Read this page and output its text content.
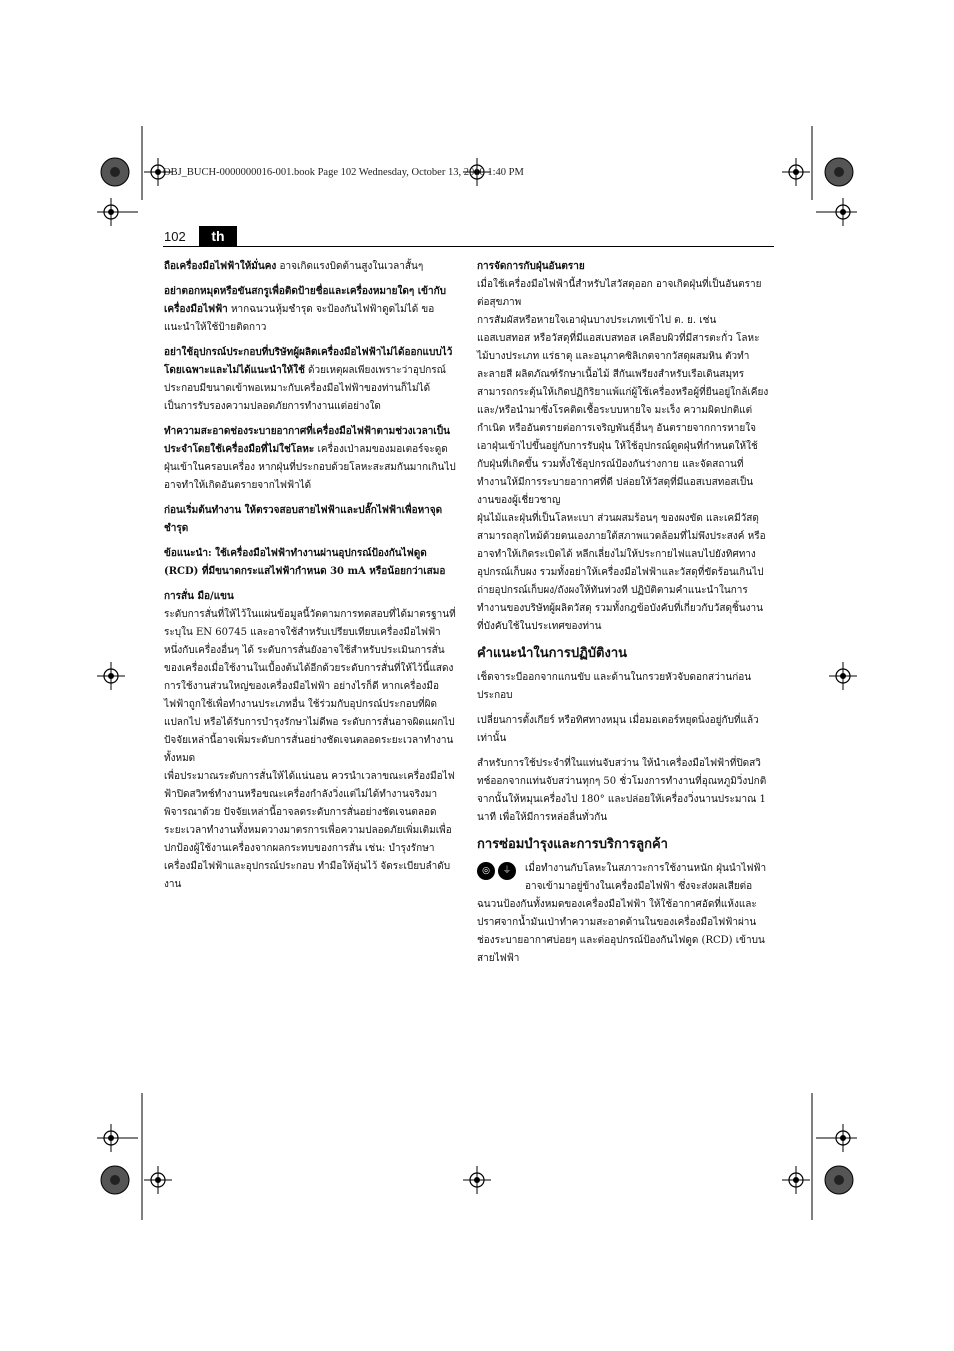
OBJ_BUCH-0000000016-001.book Page 102 Wednesday, October 13, 2010 1:40 PM
102	th

ถือเครื่องมือไฟฟ้าให้มั่นคง อาจเกิดแรงบิดต้านสูงในเวลาสั้นๆ

อย่าตอกหมุดหรือขันสกรูเพื่อติดป้ายชื่อและเครื่องหมายใดๆ เข้ากับเครื่องมือไฟฟ้า หากฉนวนหุ้มชำรุด จะป้องกันไฟฟ้าดูดไม่ได้ ขอแนะนำให้ใช้ป้ายติดกาว

อย่าใช้อุปกรณ์ประกอบที่บริษัทผู้ผลิตเครื่องมือไฟฟ้าไม่ได้ออกแบบไว้โดยเฉพาะและไม่ได้แนะนำให้ใช้ ด้วยเหตุผลเพียงเพราะว่าอุปกรณ์ประกอบมีขนาดเข้าพอเหมาะกับเครื่องมือไฟฟ้าของท่านก็ไม่ได้เป็นการรับรองความปลอดภัยการทำงานแต่อย่างใด

ทำความสะอาดช่องระบายอากาศที่เครื่องมือไฟฟ้าตามช่วงเวลาเป็นประจำโดยใช้เครื่องมือที่ไม่ใช่โลหะ เครื่องเป่าลมของมอเตอร์จะดูดฝุ่นเข้าในครอบเครื่อง หากฝุ่นที่ประกอบด้วยโลหะสะสมกันมากเกินไป อาจทำให้เกิดอันตรายจากไฟฟ้าได้

ก่อนเริ่มต้นทำงาน ให้ตรวจสอบสายไฟฟ้าและปลั๊กไฟฟ้าเพื่อหาจุดชำรุด

ข้อแนะนำ: ใช้เครื่องมือไฟฟ้าทำงานผ่านอุปกรณ์ป้องกันไฟดูด (RCD) ที่มีขนาดกระแสไฟฟ้ากำหนด 30 mA หรือน้อยกว่าเสมอ

การสั่น มือ/แขน

ระดับการสั่นที่ให้ไว้ในแผ่นข้อมูลนี้วัดตามการทดสอบที่ได้มาตรฐานที่ระบุใน EN 60745 และอาจใช้สำหรับเปรียบเทียบเครื่องมือไฟฟ้าหนึ่งกับเครื่องอื่นๆ ได้ ระดับการสั่นยังอาจใช้สำหรับประเมินการสั่นของเครื่องเมื่อใช้งานในเบื้องต้นได้อีกด้วยระดับการสั่นที่ให้ไว้นี้แสดงการใช้งานส่วนใหญ่ของเครื่องมือไฟฟ้า อย่างไรก็ดี หากเครื่องมือไฟฟ้าถูกใช้เพื่อทำงานประเภทอื่น ใช้ร่วมกับอุปกรณ์ประกอบที่ผิดแปลกไป หรือได้รับการบำรุงรักษาไม่ดีพอ ระดับการสั่นอาจผิดแผกไป ปัจจัยเหล่านี้อาจเพิ่มระดับการสั่นอย่างชัดเจนตลอดระยะเวลาทำงานทั้งหมด

เพื่อประมาณระดับการสั่นให้ได้แน่นอน ควรนำเวลาขณะเครื่องมือไฟฟ้าปิดสวิทช์ทำงานหรือขณะเครื่องกำลังวิ่งแต่ไม่ได้ทำงานจริงมาพิจารณาด้วย ปัจจัยเหล่านี้อาจลดระดับการสั่นอย่างชัดเจนตลอดระยะเวลาทำงานทั้งหมดวางมาตรการเพื่อความปลอดภัยเพิ่มเติมเพื่อปกป้องผู้ใช้งานเครื่องจากผลกระทบของการสั่น เช่น: บำรุงรักษาเครื่องมือไฟฟ้าและอุปกรณ์ประกอบ ทำมือให้อุ่นไว้ จัดระเบียบลำดับงาน

การจัดการกับฝุ่นอันตราย

เมื่อใช้เครื่องมือไฟฟ้านี้สำหรับไสวัสดุออก อาจเกิดฝุ่นที่เป็นอันตรายต่อสุขภาพ

การสัมผัสหรือหายใจเอาฝุ่นบางประเภทเข้าไป ต. ย. เช่น แอสเบสทอส หรือวัสดุที่มีแอสเบสทอส เคลือบผิวที่มีสารตะกั่ว โลหะ ไม้บางประเภท แร่ธาตุ และอนุภาคซิลิเกตจากวัสดุผสมหิน ตัวทำละลายสี ผลิตภัณฑ์รักษาเนื้อไม้ สีกันเพรียงสำหรับเรือเดินสมุทร สามารถกระตุ้นให้เกิดปฏิกิริยาแพ้แก่ผู้ใช้เครื่องหรือผู้ที่ยืนอยู่ใกล้เคียง และ/หรือนำมาซึ่งโรคติดเชื้อระบบหายใจ มะเร็ง ความผิดปกติแต่กำเนิด หรืออันตรายต่อการเจริญพันธุ์อื่นๆ อันตรายจากการหายใจเอาฝุ่นเข้าไปขึ้นอยู่กับการรับฝุ่น ให้ใช้อุปกรณ์ดูดฝุ่นที่กำหนดให้ใช้กับฝุ่นที่เกิดขึ้น รวมทั้งใช้อุปกรณ์ป้องกันร่างกาย และจัดสถานที่ทำงานให้มีการระบายอากาศที่ดี ปล่อยให้วัสดุที่มีแอสเบสทอสเป็นงานของผู้เชี่ยวชาญ

ฝุ่นไม้และฝุ่นที่เป็นโลหะเบา ส่วนผสมร้อนๆ ของผงขัด และเคมีวัสดุ สามารถลุกไหม้ด้วยตนเองภายใต้สภาพแวดล้อมที่ไม่พึงประสงค์ หรืออาจทำให้เกิดระเบิดได้ หลีกเลี่ยงไม่ให้ประกายไฟแลบไปยังทิศทางอุปกรณ์เก็บผง รวมทั้งอย่าให้เครื่องมือไฟฟ้าและวัสดุที่ขัดร้อนเกินไป ถ่ายอุปกรณ์เก็บผง/ถังผงให้ทันท่วงที ปฏิบัติตามคำแนะนำในการทำงานของบริษัทผู้ผลิตวัสดุ รวมทั้งกฎข้อบังคับที่เกี่ยวกับวัสดุชิ้นงาน ที่บังคับใช้ในประเทศของท่าน

คำแนะนำในการปฏิบัติงาน

เช็ดจาระบีออกจากแกนขับ และด้านในกรวยหัวจับดอกสว่านก่อนประกอบ

เปลี่ยนการตั้งเกียร์ หรือทิศทางหมุน เมื่อมอเตอร์หยุดนิ่งอยู่กับที่แล้วเท่านั้น

สำหรับการใช้ประจำที่ในแท่นจับสว่าน ให้นำเครื่องมือไฟฟ้าที่ปิดสวิทช์ออกจากแท่นจับสว่านทุกๆ 50 ชั่วโมงการทำงานที่อุณหภูมิวิ่งปกติ จากนั้นให้หมุนเครื่องไป 180° และปล่อยให้เครื่องวิ่งนานประมาณ 1 นาที เพื่อให้มีการหล่อลื่นทั่วกัน

การซ่อมบำรุงและการบริการลูกค้า
◎	⏚	เมื่อทำงานกับโลหะในสภาวะการใช้งานหนัก ฝุ่นนำไฟฟ้าอาจเข้ามาอยู่ข้างในเครื่องมือไฟฟ้า ซึ่งจะส่งผลเสียต่อฉนวนป้องกันทั้งหมดของเครื่องมือไฟฟ้า ให้ใช้อากาศอัดที่แห้งและปราศจากน้ำมันเป่าทำความสะอาดด้านในของเครื่องมือไฟฟ้าผ่านช่องระบายอากาศบ่อยๆ และต่ออุปกรณ์ป้องกันไฟดูด (RCD) เข้าบนสายไฟฟ้า
